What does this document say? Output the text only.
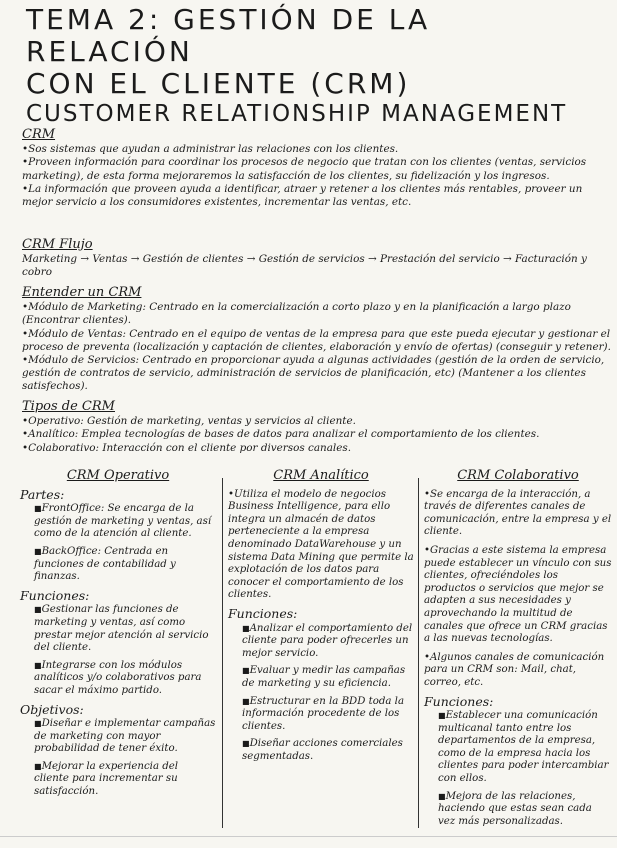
TEMA 2: GESTIÓN DE LA RELACIÓN
CON EL CLIENTE (CRM)
CUSTOMER RELATIONSHIP MANAGEMENT
CRM
• Sos sistemas que ayudan a administrar las relaciones con los clientes.
• Proveen información para coordinar los procesos de negocio que tratan con los clientes (ventas, servicios marketing), de esta forma mejoraremos la satisfacción de los clientes, su fidelización y los ingresos.
• La información que proveen ayuda a identificar, atraer y retener a los clientes más rentables, proveer un mejor servicio a los consumidores existentes, incrementar las ventas, etc.
CRM Flujo
Marketing → Ventas → Gestión de clientes → Gestión de servicios → Prestación del servicio → Facturación y cobro
Entender un CRM
• Módulo de Marketing: Centrado en la comercialización a corto plazo y en la planificación a largo plazo (Encontrar clientes).
• Módulo de Ventas: Centrado en el equipo de ventas de la empresa para que este pueda ejecutar y gestionar el proceso de preventa (localización y captación de clientes, elaboración y envío de ofertas) (conseguir y retener).
• Módulo de Servicios: Centrado en proporcionar ayuda a algunas actividades (gestión de la orden de servicio, gestión de contratos de servicio, administración de servicios de planificación, etc) (Mantener a los clientes satisfechos).
Tipos de CRM
• Operativo: Gestión de marketing, ventas y servicios al cliente.
• Analítico: Emplea tecnologías de bases de datos para analizar el comportamiento de los clientes.
• Colaborativo: Interacción con el cliente por diversos canales.
CRM Operativo
Partes:
■ FrontOffice: Se encarga de la gestión de marketing y ventas, así como de la atención al cliente.
■ BackOffice: Centrada en funciones de contabilidad y finanzas.
Funciones:
■ Gestionar las funciones de marketing y ventas, así como prestar mejor atención al servicio del cliente.
■ Integrarse con los módulos analíticos y/o colaborativos para sacar el máximo partido.
Objetivos:
■ Diseñar e implementar campañas de marketing con mayor probabilidad de tener éxito.
■ Mejorar la experiencia del cliente para incrementar su satisfacción.
CRM Analítico
• Utiliza el modelo de negocios Business Intelligence, para ello integra un almacén de datos perteneciente a la empresa denominado DataWarehouse y un sistema Data Mining que permite la explotación de los datos para conocer el comportamiento de los clientes.
Funciones:
■ Analizar el comportamiento del cliente para poder ofrecerles un mejor servicio.
■ Evaluar y medir las campañas de marketing y su eficiencia.
■ Estructurar en la BDD toda la información procedente de los clientes.
■ Diseñar acciones comerciales segmentadas.
CRM Colaborativo
• Se encarga de la interacción, a través de diferentes canales de comunicación, entre la empresa y el cliente.
• Gracias a este sistema la empresa puede establecer un vínculo con sus clientes, ofreciéndoles los productos o servicios que mejor se adapten a sus necesidades y aprovechando la multitud de canales que ofrece un CRM gracias a las nuevas tecnologías.
• Algunos canales de comunicación para un CRM son: Mail, chat, correo, etc.
Funciones:
■ Establecer una comunicación multicanal tanto entre los departamentos de la empresa, como de la empresa hacia los clientes para poder intercambiar con ellos.
■ Mejora de las relaciones, haciendo que estas sean cada vez más personalizadas.
